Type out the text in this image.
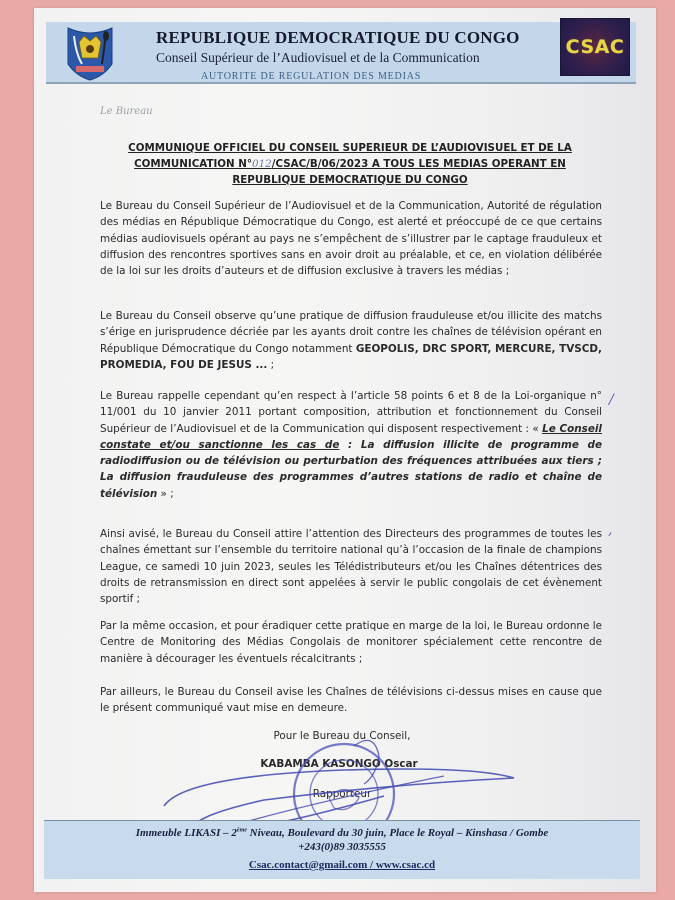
REPUBLIQUE DEMOCRATIQUE DU CONGO
Conseil Supérieur de l’Audiovisuel et de la Communication
AUTORITE DE REGULATION DES MEDIAS
CSAC
Le Bureau
COMMUNIQUE OFFICIEL DU CONSEIL SUPERIEUR DE L’AUDIOVISUEL ET DE LA COMMUNICATION N°012/CSAC/B/06/2023 A TOUS LES MEDIAS OPERANT EN REPUBLIQUE DEMOCRATIQUE DU CONGO

Le Bureau du Conseil Supérieur de l’Audiovisuel et de la Communication, Autorité de régulation des médias en République Démocratique du Congo, est alerté et préoccupé de ce que certains médias audiovisuels opérant au pays ne s’empêchent de s’illustrer par le captage frauduleux et diffusion des rencontres sportives sans en avoir droit au préalable, et ce, en violation délibérée de la loi sur les droits d’auteurs et de diffusion exclusive à travers les médias ;

Le Bureau du Conseil observe qu’une pratique de diffusion frauduleuse et/ou illicite des matchs s’érige en jurisprudence décriée par les ayants droit contre les chaînes de télévision opérant en République Démocratique du Congo notamment GEOPOLIS, DRC SPORT, MERCURE, TVSCD, PROMEDIA, FOU DE JESUS ... ;

Le Bureau rappelle cependant qu’en respect à l’article 58 points 6 et 8 de la Loi-organique n° 11/001 du 10 janvier 2011 portant composition, attribution et fonctionnement du Conseil Supérieur de l’Audiovisuel et de la Communication qui disposent respectivement : « Le Conseil constate et/ou sanctionne les cas de : La diffusion illicite de programme de radiodiffusion ou de télévision ou perturbation des fréquences attribuées aux tiers ; La diffusion frauduleuse des programmes d’autres stations de radio et chaîne de télévision » ;

Ainsi avisé, le Bureau du Conseil attire l’attention des Directeurs des programmes de toutes les chaînes émettant sur l’ensemble du territoire national qu’à l’occasion de la finale de champions League, ce samedi 10 juin 2023, seules les Télédistributeurs et/ou les Chaînes détentrices des droits de retransmission en direct sont appelées à servir le public congolais de cet évènement sportif ;

Par la même occasion, et pour éradiquer cette pratique en marge de la loi, le Bureau ordonne le Centre de Monitoring des Médias Congolais de monitorer spécialement cette rencontre de manière à décourager les éventuels récalcitrants ;

Par ailleurs, le Bureau du Conseil avise les Chaînes de télévisions ci-dessus mises en cause que le présent communiqué vaut mise en demeure.

/
,
Pour le Bureau du Conseil,
KABAMBA KASONGO Oscar
Rapporteur
Immeuble LIKASI – 2ème Niveau, Boulevard du 30 juin, Place le Royal – Kinshasa / Gombe
+243(0)89 3035555
Csac.contact@gmail.com / www.csac.cd
